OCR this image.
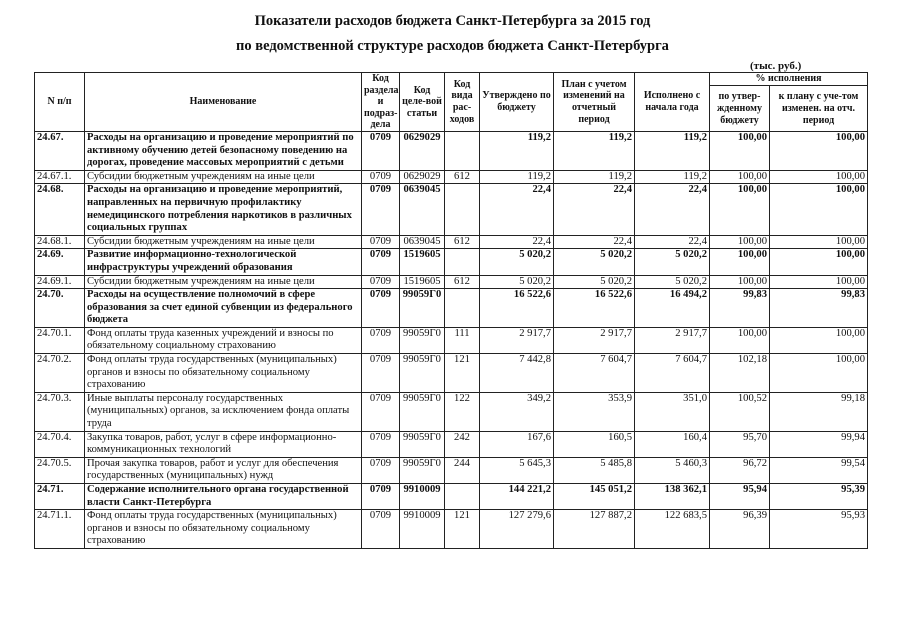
Показатели расходов бюджета Санкт-Петербурга за 2015 год
по ведомственной структуре расходов бюджета Санкт-Петербурга
(тыс. руб.)
N п/п	Наименование	Код раздела и подраз-дела	Код целе-вой статьи	Код вида рас-ходов	Утверждено по бюджету	План с учетом изменений на отчетный период	Исполнено с начала года	% исполнения	
								по утвер-жденному бюджету	к плану с уче-том изменен. на отч. период
24.67.	Расходы на организацию и проведение мероприятий по активному обучению детей безопасному поведению на дорогах, проведение массовых мероприятий с детьми	0709	0629029		119,2	119,2	119,2	100,00	100,00
24.67.1.	Субсидии бюджетным учреждениям на иные цели	0709	0629029	612	119,2	119,2	119,2	100,00	100,00
24.68.	Расходы на организацию и проведение мероприятий, направленных на первичную профилактику немедицинского потребления наркотиков в различных социальных группах	0709	0639045		22,4	22,4	22,4	100,00	100,00
24.68.1.	Субсидии бюджетным учреждениям на иные цели	0709	0639045	612	22,4	22,4	22,4	100,00	100,00
24.69.	Развитие информационно-технологической инфраструктуры учреждений образования	0709	1519605		5 020,2	5 020,2	5 020,2	100,00	100,00
24.69.1.	Субсидии бюджетным учреждениям на иные цели	0709	1519605	612	5 020,2	5 020,2	5 020,2	100,00	100,00
24.70.	Расходы на осуществление полномочий в сфере образования за счет единой субвенции из федерального бюджета	0709	99059Г0		16 522,6	16 522,6	16 494,2	99,83	99,83
24.70.1.	Фонд оплаты труда казенных учреждений и взносы по обязательному социальному страхованию	0709	99059Г0	111	2 917,7	2 917,7	2 917,7	100,00	100,00
24.70.2.	Фонд оплаты труда государственных (муниципальных) органов и взносы по обязательному социальному страхованию	0709	99059Г0	121	7 442,8	7 604,7	7 604,7	102,18	100,00
24.70.3.	Иные выплаты персоналу государственных (муниципальных) органов, за исключением фонда оплаты труда	0709	99059Г0	122	349,2	353,9	351,0	100,52	99,18
24.70.4.	Закупка товаров, работ, услуг в сфере информационно-коммуникационных технологий	0709	99059Г0	242	167,6	160,5	160,4	95,70	99,94
24.70.5.	Прочая закупка товаров, работ и услуг для обеспечения государственных (муниципальных) нужд	0709	99059Г0	244	5 645,3	5 485,8	5 460,3	96,72	99,54
24.71.	Содержание исполнительного органа государственной власти Санкт-Петербурга	0709	9910009		144 221,2	145 051,2	138 362,1	95,94	95,39
24.71.1.	Фонд оплаты труда государственных (муниципальных) органов и взносы по обязательному социальному страхованию	0709	9910009	121	127 279,6	127 887,2	122 683,5	96,39	95,93
